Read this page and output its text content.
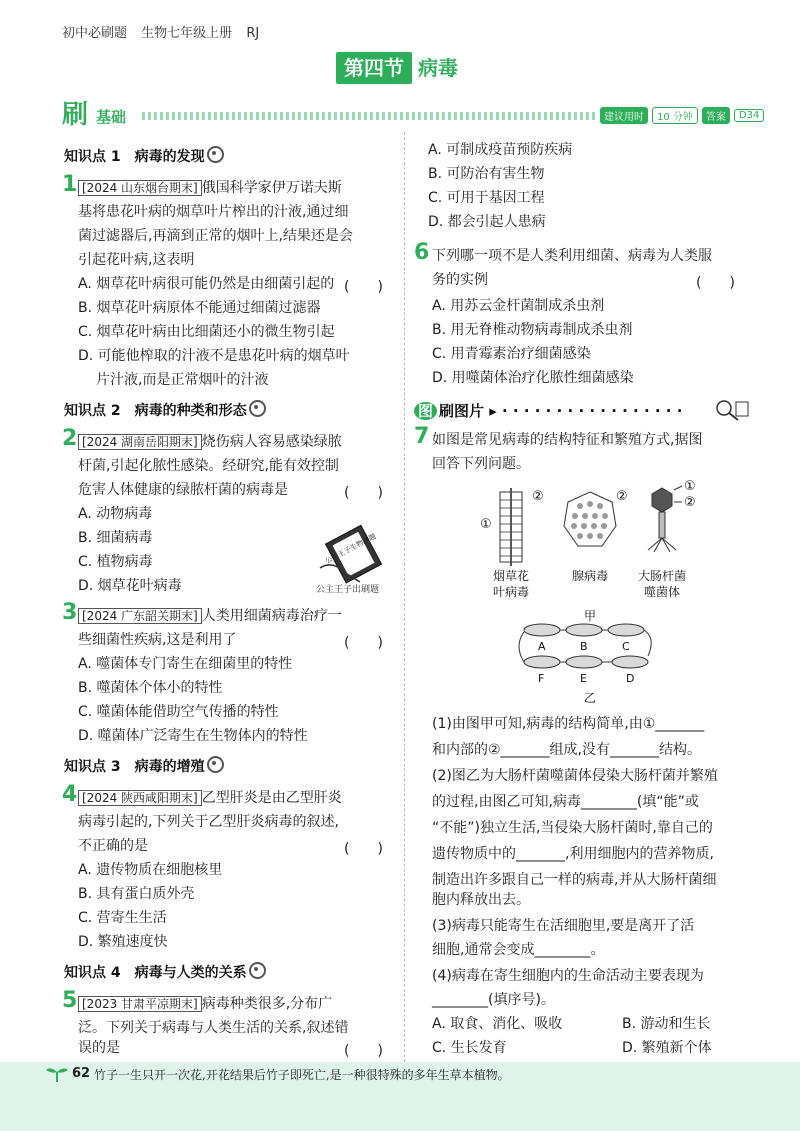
初中必刷题 生物七年级上册 RJ
第四节 病毒
刷 基础	建议用时	10 分钟	答案	D34
知识点 1　病毒的发现
1 [2024 山东烟台期末] 俄国科学家伊万诺夫斯
基将患花叶病的烟草叶片榨出的汁液,通过细
菌过滤器后,再滴到正常的烟叶上,结果还是会
引起花叶病,这表明
(　　)
A. 烟草花叶病很可能仍然是由细菌引起的
B. 烟草花叶病原体不能通过细菌过滤器
C. 烟草花叶病由比细菌还小的微生物引起
D. 可能他榨取的汁液不是患花叶病的烟草叶
片汁液,而是正常烟叶的汁液
知识点 2　病毒的种类和形态
2 [2024 湖南岳阳期末] 烧伤病人容易感染绿脓
杆菌,引起化脓性感染。经研究,能有效控制
危害人体健康的绿脓杆菌的病毒是	(　　)
A. 动物病毒
B. 细菌病毒
C. 植物病毒
D. 烟草花叶病毒
公主王子生物刷题
公主王子出刷题
3 [2024 广东韶关期末] 人类用细菌病毒治疗一
些细菌性疾病,这是利用了	(　　)
A. 噬菌体专门寄生在细菌里的特性
B. 噬菌体个体小的特性
C. 噬菌体能借助空气传播的特性
D. 噬菌体广泛寄生在生物体内的特性
知识点 3　病毒的增殖
4 [2024 陕西咸阳期末] 乙型肝炎是由乙型肝炎
病毒引起的,下列关于乙型肝炎病毒的叙述,
不正确的是	(　　)
A. 遗传物质在细胞核里
B. 具有蛋白质外壳
C. 营寄生生活
D. 繁殖速度快
知识点 4　病毒与人类的关系
5 [2023 甘肃平凉期末] 病毒种类很多,分布广
泛。下列关于病毒与人类生活的关系,叙述错
误的是	(　　)
A. 可制成疫苗预防疾病
B. 可防治有害生物
C. 可用于基因工程
D. 都会引起人患病
6 下列哪一项不是人类利用细菌、病毒为人类服
务的实例	(　　)
A. 用苏云金杆菌制成杀虫剂
B. 用无脊椎动物病毒制成杀虫剂
C. 用青霉素治疗细菌感染
D. 用噬菌体治疗化脓性细菌感染
图 刷图片 ▸ · · · · · · · · · · · · · · · · ·
7 如图是常见病毒的结构特征和繁殖方式,据图
回答下列问题。
①
②	②
①
②
烟草花
叶病毒
腺病毒 大肠杆菌
噬菌体
甲
A	B	C
D
E
F
乙
(1)由图甲可知,病毒的结构简单,由①_______
和内部的②_______组成,没有_______结构。
(2)图乙为大肠杆菌噬菌体侵染大肠杆菌并繁殖
的过程,由图乙可知,病毒________(填“能”或
“不能”)独立生活,当侵染大肠杆菌时,靠自己的
遗传物质中的_______,利用细胞内的营养物质,
制造出许多跟自己一样的病毒,并从大肠杆菌细
胞内释放出去。
(3)病毒只能寄生在活细胞里,要是离开了活
细胞,通常会变成________。
(4)病毒在寄生细胞内的生命活动主要表现为
________(填序号)。
A. 取食、消化、吸收	B. 游动和生长
C. 生长发育	D. 繁殖新个体
62 竹子一生只开一次花,开花结果后竹子即死亡,是一种很特殊的多年生草本植物。
